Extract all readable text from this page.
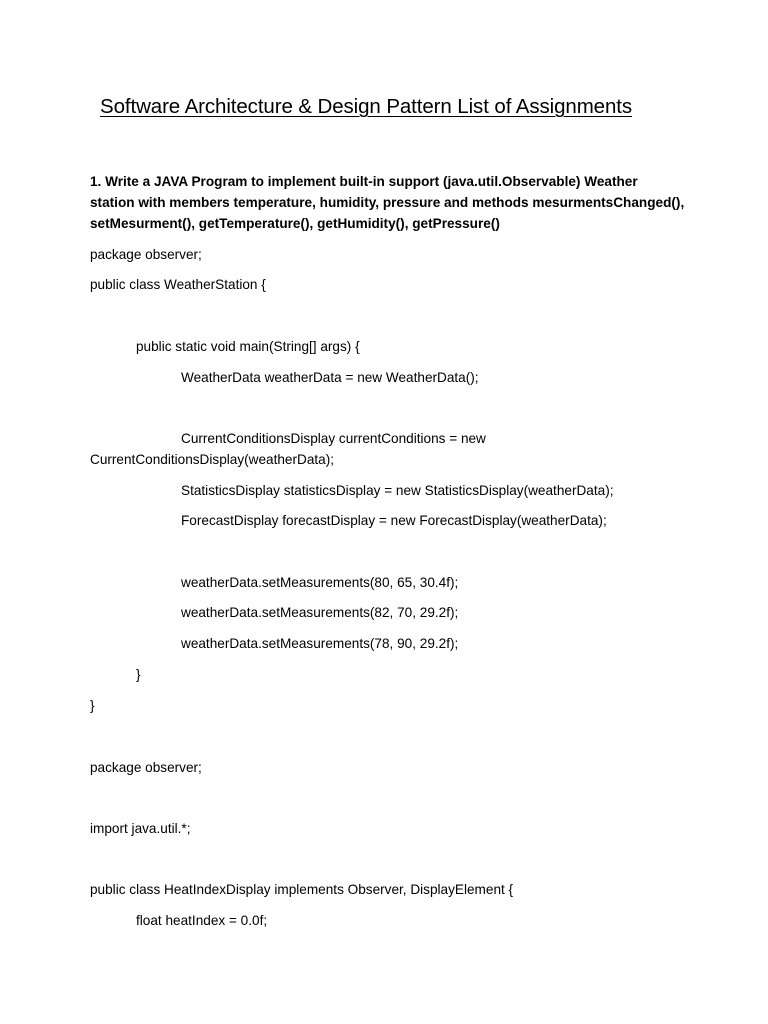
Software Architecture & Design Pattern List of Assignments
1. Write a JAVA Program to implement built-in support (java.util.Observable) Weather
station with members temperature, humidity, pressure and methods mesurmentsChanged(),
setMesurment(), getTemperature(), getHumidity(), getPressure()
package observer;
public class WeatherStation {
public static void main(String[] args) {
WeatherData weatherData = new WeatherData();
CurrentConditionsDisplay currentConditions = new
CurrentConditionsDisplay(weatherData);
StatisticsDisplay statisticsDisplay = new StatisticsDisplay(weatherData);
ForecastDisplay forecastDisplay = new ForecastDisplay(weatherData);
weatherData.setMeasurements(80, 65, 30.4f);
weatherData.setMeasurements(82, 70, 29.2f);
weatherData.setMeasurements(78, 90, 29.2f);
}
}
package observer;
import java.util.*;
public class HeatIndexDisplay implements Observer, DisplayElement {
float heatIndex = 0.0f;
